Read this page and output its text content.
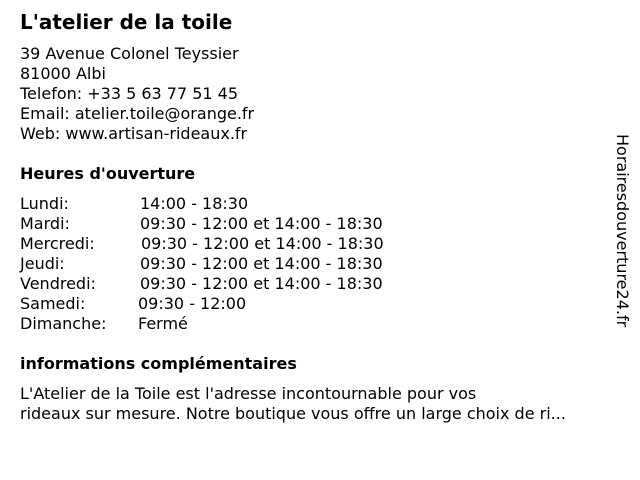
L'atelier de la toile
39 Avenue Colonel Teyssier
81000 Albi
Telefon: +33 5 63 77 51 45
Email: atelier.toile@orange.fr
Web: www.artisan-rideaux.fr
Heures d'ouverture
Lundi:	14:00 - 18:30
Mardi:	09:30 - 12:00 et 14:00 - 18:30
Mercredi:	09:30 - 12:00 et 14:00 - 18:30
Jeudi:	09:30 - 12:00 et 14:00 - 18:30
Vendredi:	09:30 - 12:00 et 14:00 - 18:30
Samedi:	09:30 - 12:00
Dimanche: Fermé
informations complémentaires
L'Atelier de la Toile est l'adresse incontournable pour vos
rideaux sur mesure. Notre boutique vous offre un large choix de ri...
Horairesdouverture24.fr
